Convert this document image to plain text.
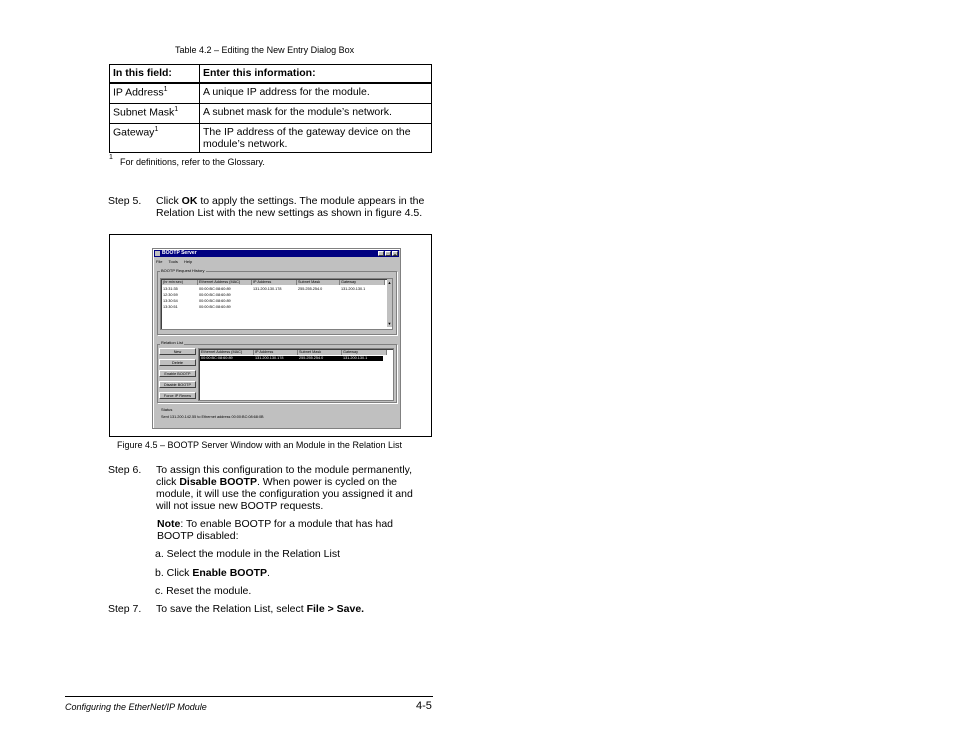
Table 4.2 – Editing the New Entry Dialog Box
In this field:	Enter this information:
IP Address$^1$	A unique IP address for the module.
Subnet Mask$^1$	A subnet mask for the module’s network.
Gateway$^1$	The IP address of the gateway device on the module’s network.
1 For definitions, refer to the Glossary.
Step 5. Click OK to apply the settings. The module appears in the Relation List with the new settings as shown in figure 4.5.
BOOTP Server	_	□	×
File Tools Help
BOOTP Request History
(hr:min:sec)	Ethernet Address (MAC)	IP Address	Subnet Mask	Gateway
13:31:35	00:00:BC:08:60:89	131.200.130.178	255.255.254.0	131.200.130.1
12:30:59	00:00:BC:08:60:89
13:30:54	00:00:BC:08:60:89
13:30:51	00:00:BC:08:60:89
▲
▼
Relation List
New
Delete
Enable BOOTP
Disable BOOTP
Force IP Renew
Ethernet Address (MAC)	IP Address	Subnet Mask	Gateway
00:00:BC:08:60:89	131.200.130.178	255.255.254.0	131.200.130.1
Status
Sent 131.200.142.55 to Ethernet address 00:00:BC:08:68:0B
Figure 4.5 – BOOTP Server Window with an Module in the Relation List
Step 6. To assign this configuration to the module permanently, click Disable BOOTP. When power is cycled on the module, it will use the configuration you assigned it and will not issue new BOOTP requests.
Note: To enable BOOTP for a module that has had BOOTP disabled:
a. Select the module in the Relation List
b. Click Enable BOOTP.
c. Reset the module.
Step 7. To save the Relation List, select File > Save.
Configuring the EtherNet/IP Module	4-5
